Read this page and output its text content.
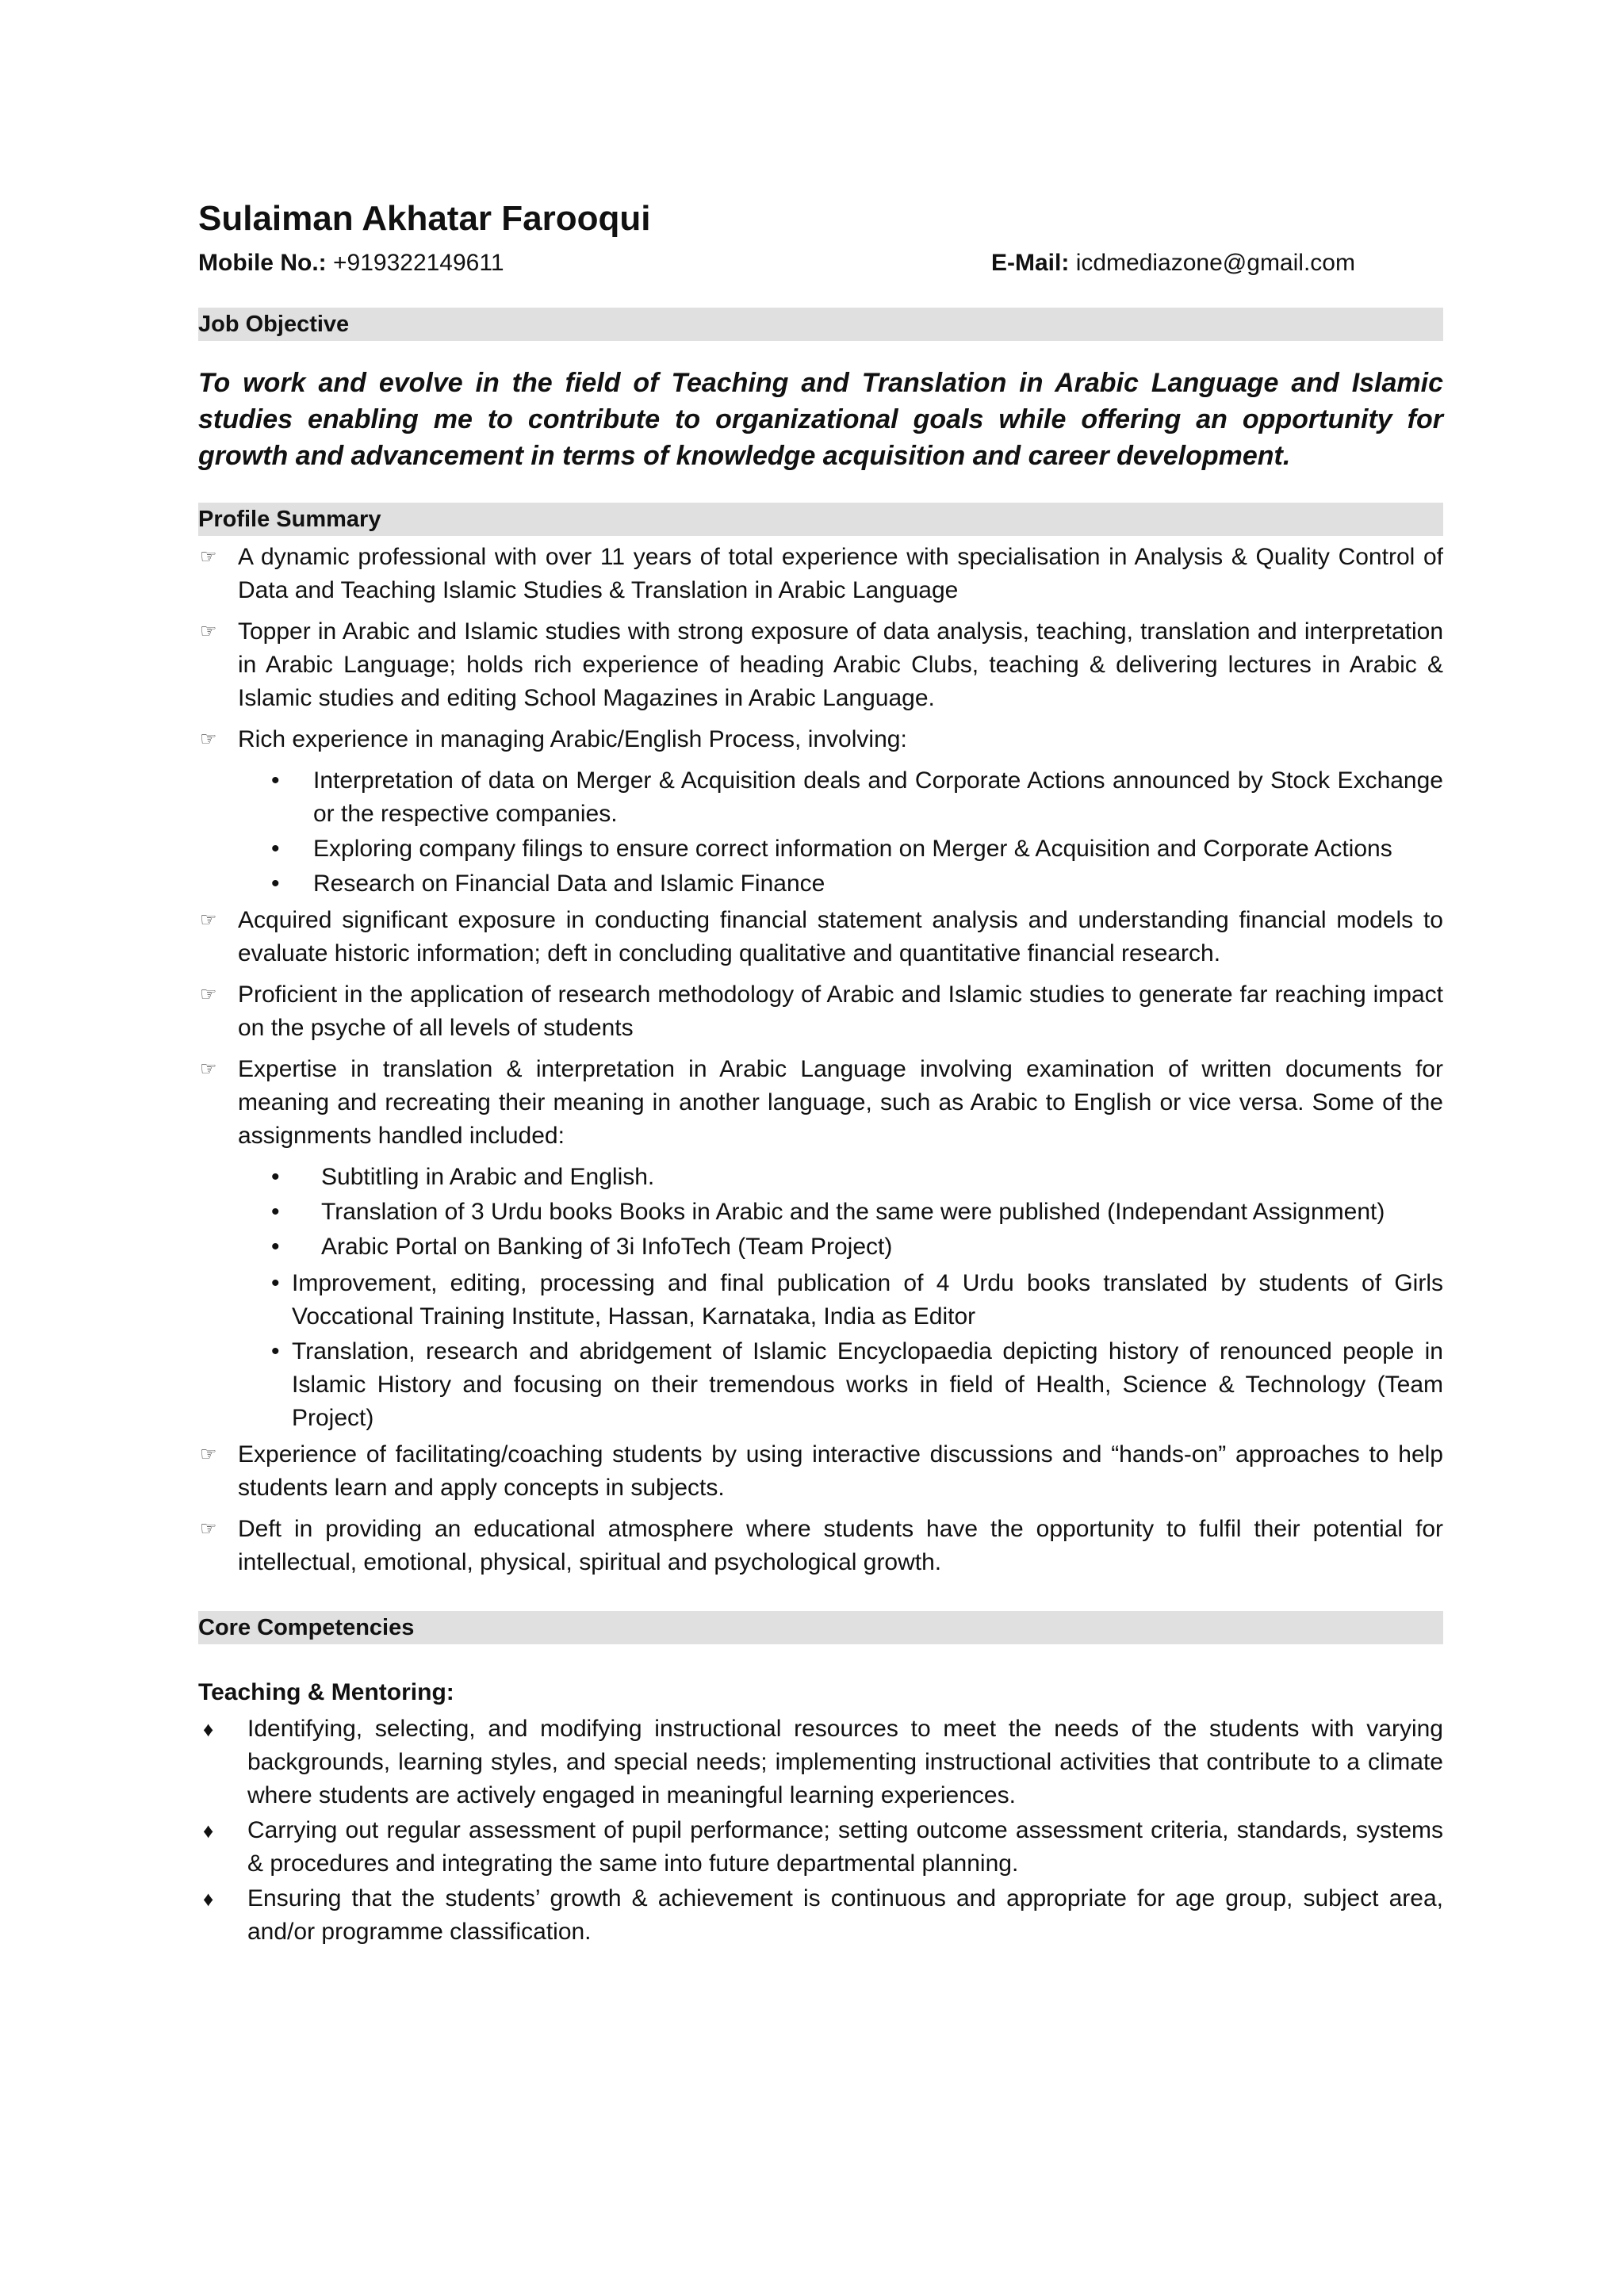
Sulaiman Akhatar Farooqui
Mobile No.: +919322149611	E-Mail: icdmediazone@gmail.com
Job Objective

To work and evolve in the field of Teaching and Translation in Arabic Language and Islamic studies enabling me to contribute to organizational goals while offering an opportunity for growth and advancement in terms of knowledge acquisition and career development.

Profile Summary
☞ A dynamic professional with over 11 years of total experience with specialisation in Analysis & Quality Control of Data and Teaching Islamic Studies & Translation in Arabic Language
☞ Topper in Arabic and Islamic studies with strong exposure of data analysis, teaching, translation and interpretation in Arabic Language; holds rich experience of heading Arabic Clubs, teaching & delivering lectures in Arabic & Islamic studies and editing School Magazines in Arabic Language.
☞ Rich experience in managing Arabic/English Process, involving:
• Interpretation of data on Merger & Acquisition deals and Corporate Actions announced by Stock Exchange or the respective companies.
• Exploring company filings to ensure correct information on Merger & Acquisition and Corporate Actions
• Research on Financial Data and Islamic Finance
☞ Acquired significant exposure in conducting financial statement analysis and understanding financial models to evaluate historic information; deft in concluding qualitative and quantitative financial research.
☞ Proficient in the application of research methodology of Arabic and Islamic studies to generate far reaching impact on the psyche of all levels of students
☞ Expertise in translation & interpretation in Arabic Language involving examination of written documents for meaning and recreating their meaning in another language, such as Arabic to English or vice versa. Some of the assignments handled included:
• Subtitling in Arabic and English.
• Translation of 3 Urdu books Books in Arabic and the same were published (Independant Assignment)
• Arabic Portal on Banking of 3i InfoTech (Team Project)
• Improvement, editing, processing and final publication of 4 Urdu books translated by students of Girls Voccational Training Institute, Hassan, Karnataka, India as Editor
• Translation, research and abridgement of Islamic Encyclopaedia depicting history of renounced people in Islamic History and focusing on their tremendous works in field of Health, Science & Technology (Team Project)
☞ Experience of facilitating/coaching students by using interactive discussions and “hands-on” approaches to help students learn and apply concepts in subjects.
☞ Deft in providing an educational atmosphere where students have the opportunity to fulfil their potential for intellectual, emotional, physical, spiritual and psychological growth.
Core Competencies
Teaching & Mentoring:
♦ Identifying, selecting, and modifying instructional resources to meet the needs of the students with varying backgrounds, learning styles, and special needs; implementing instructional activities that contribute to a climate where students are actively engaged in meaningful learning experiences.
♦ Carrying out regular assessment of pupil performance; setting outcome assessment criteria, standards, systems & procedures and integrating the same into future departmental planning.
♦ Ensuring that the students’ growth & achievement is continuous and appropriate for age group, subject area, and/or programme classification.
